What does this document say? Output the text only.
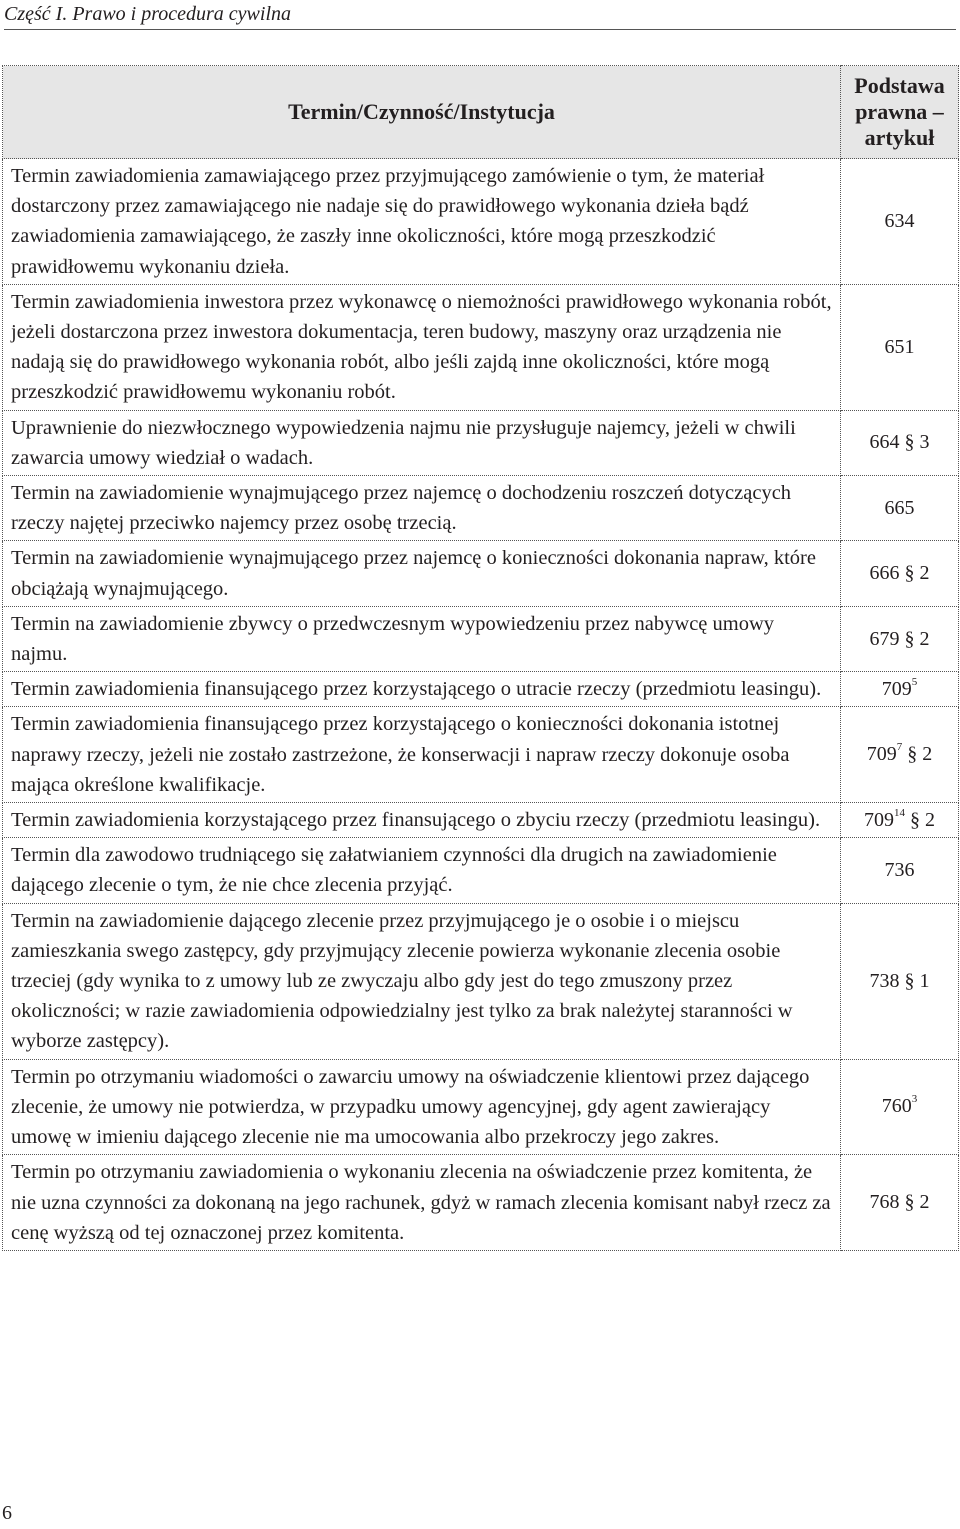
Część I. Prawo i procedura cywilna
Termin/Czynność/Instytucja	Podstawa prawna – artykuł
Termin zawiadomienia zamawiającego przez przyjmującego zamówienie o tym, że materiał dostarczony przez zamawiającego nie nadaje się do prawidłowego wykonania dzieła bądź zawiadomienia zamawiającego, że zaszły inne okoliczności, które mogą przeszkodzić prawidłowemu wykonaniu dzieła.	634
Termin zawiadomienia inwestora przez wykonawcę o niemożności prawidłowego wykonania robót, jeżeli dostarczona przez inwestora dokumentacja, teren budowy, maszyny oraz urządzenia nie nadają się do prawidłowego wykonania robót, albo jeśli zajdą inne okoliczności, które mogą przeszkodzić prawidłowemu wykonaniu robót.	651
Uprawnienie do niezwłocznego wypowiedzenia najmu nie przysługuje najemcy, jeżeli w chwili zawarcia umowy wiedział o wadach.	664 § 3
Termin na zawiadomienie wynajmującego przez najemcę o dochodzeniu roszczeń dotyczących rzeczy najętej przeciwko najemcy przez osobę trzecią.	665
Termin na zawiadomienie wynajmującego przez najemcę o konieczności dokonania napraw, które obciążają wynajmującego.	666 § 2
Termin na zawiadomienie zbywcy o przedwczesnym wypowiedzeniu przez nabywcę umowy najmu.	679 § 2
Termin zawiadomienia finansującego przez korzystającego o utracie rzeczy (przedmiotu leasingu).	$709^5$
Termin zawiadomienia finansującego przez korzystającego o konieczności dokonania istotnej naprawy rzeczy, jeżeli nie zostało zastrzeżone, że konserwacji i napraw rzeczy dokonuje osoba mająca określone kwalifikacje.	$709^7$ § 2
Termin zawiadomienia korzystającego przez finansującego o zbyciu rzeczy (przedmiotu leasingu).	$709^{14}$ § 2
Termin dla zawodowo trudniącego się załatwianiem czynności dla drugich na zawiadomienie dającego zlecenie o tym, że nie chce zlecenia przyjąć.	736
Termin na zawiadomienie dającego zlecenie przez przyjmującego je o osobie i o miejscu zamieszkania swego zastępcy, gdy przyjmujący zlecenie powierza wykonanie zlecenia osobie trzeciej (gdy wynika to z umowy lub ze zwyczaju albo gdy jest do tego zmuszony przez okoliczności; w razie zawiadomienia odpowiedzialny jest tylko za brak należytej staranności w wyborze zastępcy).	738 § 1
Termin po otrzymaniu wiadomości o zawarciu umowy na oświadczenie klientowi przez dającego zlecenie, że umowy nie potwierdza, w przypadku umowy agencyjnej, gdy agent zawierający umowę w imieniu dającego zlecenie nie ma umocowania albo przekroczy jego zakres.	$760^3$
Termin po otrzymaniu zawiadomienia o wykonaniu zlecenia na oświadczenie przez komitenta, że nie uzna czynności za dokonaną na jego rachunek, gdyż w ramach zlecenia komisant nabył rzecz za cenę wyższą od tej oznaczonej przez komitenta.	768 § 2
6
